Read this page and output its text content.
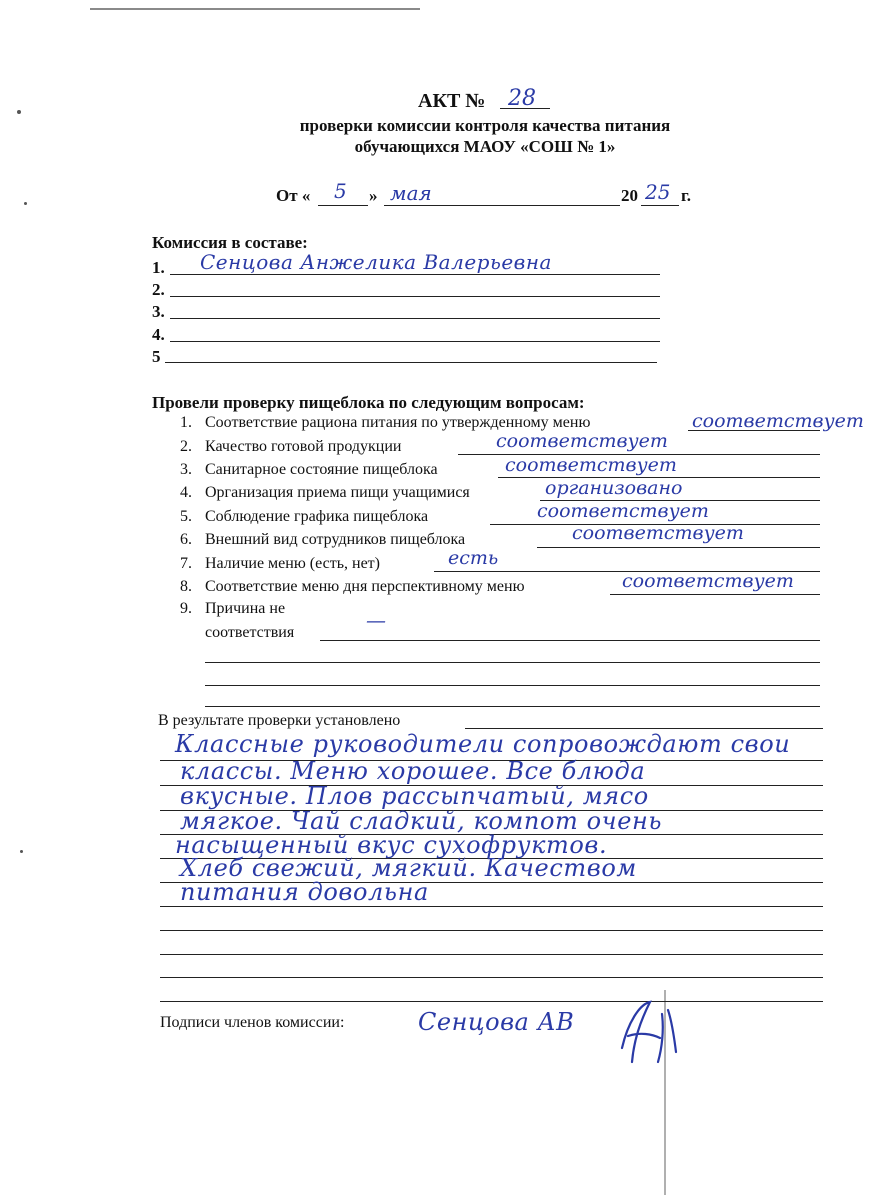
АКТ № 28
проверки комиссии контроля качества питания
обучающихся МАОУ «СОШ № 1»
От « 5 » мая	20 25 г.
Комиссия в составе:
1. Сенцова Анжелика Валерьевна
2.
3.
4.
5
Провели проверку пищеблока по следующим вопросам:
1. Соответствие рациона питания по утвержденному меню	соответствует
2. Качество готовой продукции	соответствует
3. Санитарное состояние пищеблока	соответствует
4. Организация приема пищи учащимися	организовано
5. Соблюдение графика пищеблока	соответствует
6. Внешний вид сотрудников пищеблока	соответствует
7. Наличие меню (есть, нет)	есть
8. Соответствие меню дня перспективному меню	соответствует
9. Причина не
соответствия
—
В результате проверки установлено
Классные руководители сопровождают свои
классы. Меню хорошее. Все блюда
вкусные. Плов рассыпчатый, мясо
мягкое. Чай сладкий, компот очень
насыщенный вкус сухофруктов.
Хлеб свежий, мягкий. Качеством
питания довольна
Подписи членов комиссии:	Сенцова АВ
